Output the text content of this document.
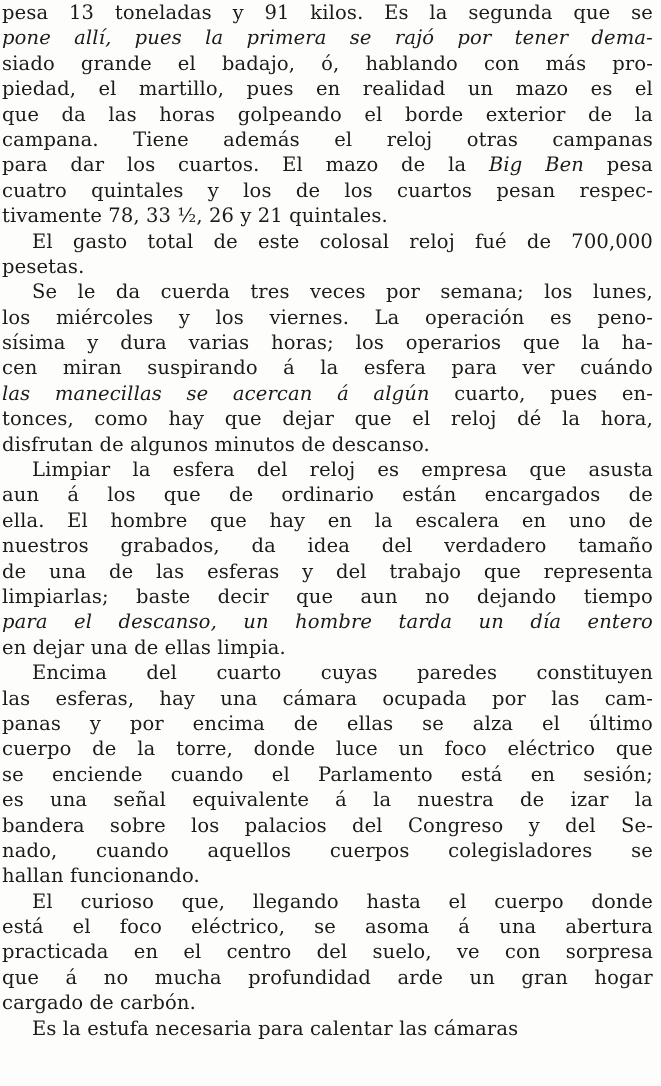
pesa 13 toneladas y 91 kilos. Es la segunda que se
pone allí, pues la primera se rajó por tener dema-
siado grande el badajo, ó, hablando con más pro-
piedad, el martillo, pues en realidad un mazo es el
que da las horas golpeando el borde exterior de la
campana. Tiene además el reloj otras campanas
para dar los cuartos. El mazo de la Big Ben pesa
cuatro quintales y los de los cuartos pesan respec-
tivamente 78, 33 ½, 26 y 21 quintales.
El gasto total de este colosal reloj fué de 700,000
pesetas.
Se le da cuerda tres veces por semana; los lunes,
los miércoles y los viernes. La operación es peno-
sísima y dura varias horas; los operarios que la ha-
cen miran suspirando á la esfera para ver cuándo
las manecillas se acercan á algún cuarto, pues en-
tonces, como hay que dejar que el reloj dé la hora,
disfrutan de algunos minutos de descanso.
Limpiar la esfera del reloj es empresa que asusta
aun á los que de ordinario están encargados de
ella. El hombre que hay en la escalera en uno de
nuestros grabados, da idea del verdadero tamaño
de una de las esferas y del trabajo que representa
limpiarlas; baste decir que aun no dejando tiempo
para el descanso, un hombre tarda un día entero
en dejar una de ellas limpia.
Encima del cuarto cuyas paredes constituyen
las esferas, hay una cámara ocupada por las cam-
panas y por encima de ellas se alza el último
cuerpo de la torre, donde luce un foco eléctrico que
se enciende cuando el Parlamento está en sesión;
es una señal equivalente á la nuestra de izar la
bandera sobre los palacios del Congreso y del Se-
nado, cuando aquellos cuerpos colegisladores se
hallan funcionando.
El curioso que, llegando hasta el cuerpo donde
está el foco eléctrico, se asoma á una abertura
practicada en el centro del suelo, ve con sorpresa
que á no mucha profundidad arde un gran hogar
cargado de carbón.
Es la estufa necesaria para calentar las cámaras
